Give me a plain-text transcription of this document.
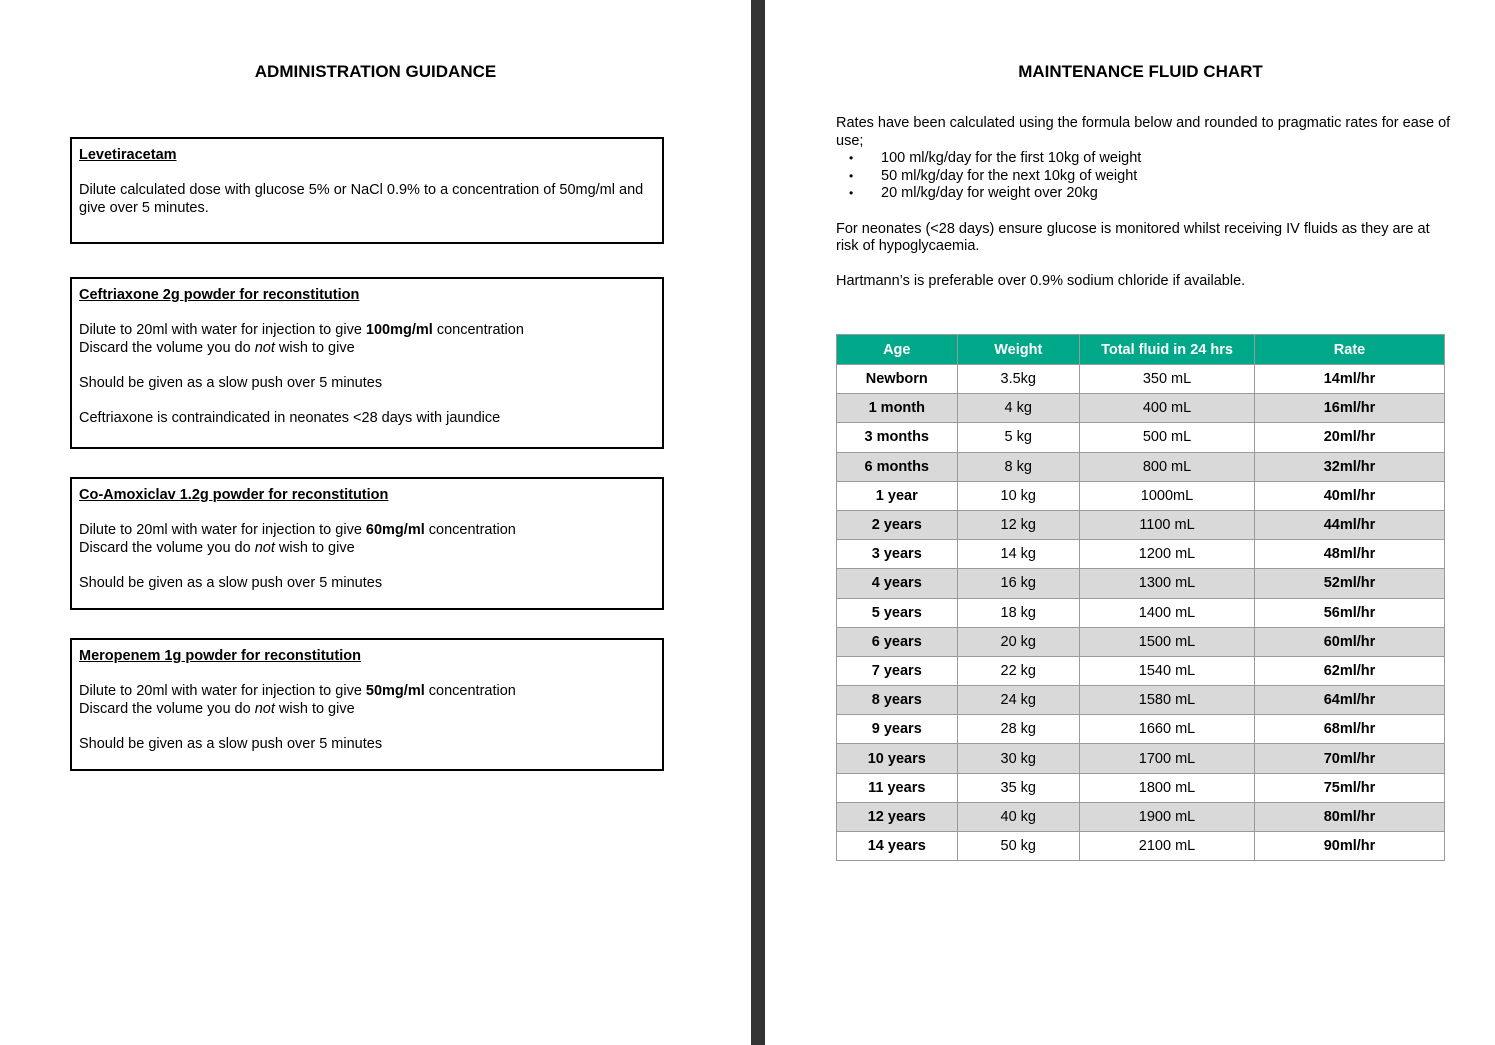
ADMINISTRATION GUIDANCE

Levetiracetam

Dilute calculated dose with glucose 5% or NaCl 0.9% to a concentration of 50mg/ml and give over 5 minutes.

Ceftriaxone 2g powder for reconstitution

Dilute to 20ml with water for injection to give 100mg/ml concentration

Discard the volume you do not wish to give

Should be given as a slow push over 5 minutes

Ceftriaxone is contraindicated in neonates <28 days with jaundice

Co-Amoxiclav 1.2g powder for reconstitution

Dilute to 20ml with water for injection to give 60mg/ml concentration

Discard the volume you do not wish to give

Should be given as a slow push over 5 minutes

Meropenem 1g powder for reconstitution

Dilute to 20ml with water for injection to give 50mg/ml concentration

Discard the volume you do not wish to give

Should be given as a slow push over 5 minutes

MAINTENANCE FLUID CHART

Rates have been calculated using the formula below and rounded to pragmatic rates for ease of use;

• 100 ml/kg/day for the first 10kg of weight
• 50 ml/kg/day for the next 10kg of weight
• 20 ml/kg/day for weight over 20kg

For neonates (<28 days) ensure glucose is monitored whilst receiving IV fluids as they are at risk of hypoglycaemia.

Hartmann’s is preferable over 0.9% sodium chloride if available.

Age	Weight	Total fluid in 24 hrs	Rate
Newborn	3.5kg	350 mL	14ml/hr
1 month	4 kg	400 mL	16ml/hr
3 months	5 kg	500 mL	20ml/hr
6 months	8 kg	800 mL	32ml/hr
1 year	10 kg	1000mL	40ml/hr
2 years	12 kg	1100 mL	44ml/hr
3 years	14 kg	1200 mL	48ml/hr
4 years	16 kg	1300 mL	52ml/hr
5 years	18 kg	1400 mL	56ml/hr
6 years	20 kg	1500 mL	60ml/hr
7 years	22 kg	1540 mL	62ml/hr
8 years	24 kg	1580 mL	64ml/hr
9 years	28 kg	1660 mL	68ml/hr
10 years	30 kg	1700 mL	70ml/hr
11 years	35 kg	1800 mL	75ml/hr
12 years	40 kg	1900 mL	80ml/hr
14 years	50 kg	2100 mL	90ml/hr
